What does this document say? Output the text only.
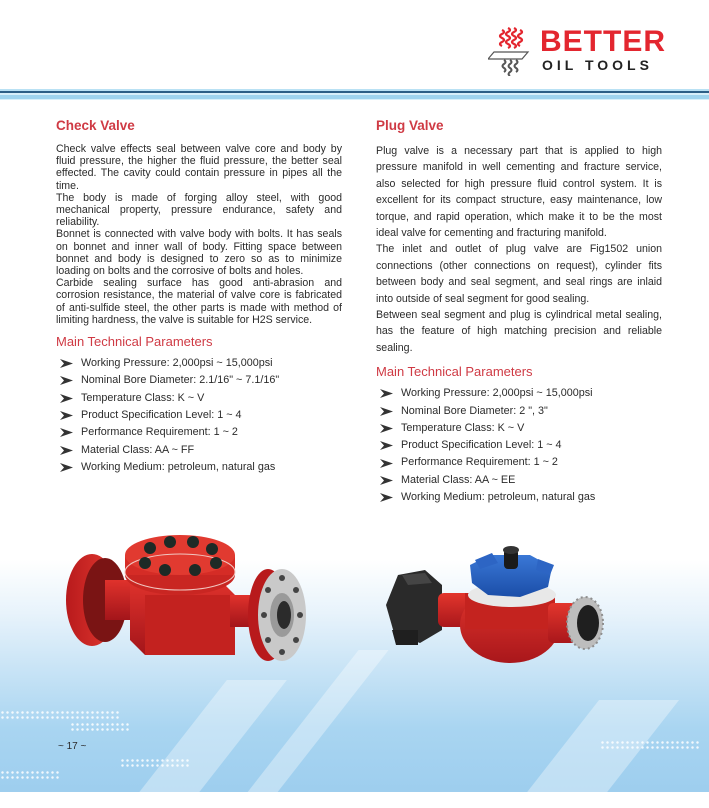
BETTER
OIL TOOLS
Check Valve

Check valve effects seal between valve core and body by fluid pressure, the higher the fluid pressure, the better seal effected. The cavity could contain pressure in pipes all the time.

The body is made of forging alloy steel, with good mechanical property, pressure endurance, safety and reliability.

Bonnet is connected with valve body with bolts. It has seals on bonnet and inner wall of body. Fitting space between bonnet and body is designed to zero so as to minimize loading on bolts and the corrosive of bolts and holes.

Carbide sealing surface has good anti-abrasion and corrosion resistance, the material of valve core is fabricated of anti-sulfide steel, the other parts is made with method of limiting hardness, the valve is suitable for H2S service.

Main Technical Parameters
Working Pressure: 2,000psi ~ 15,000psi
Nominal Bore Diameter: 2.1/16" ~ 7.1/16"
Temperature Class: K ~ V
Product Specification Level: 1 ~ 4
Performance Requirement: 1 ~ 2
Material Class: AA ~ FF
Working Medium: petroleum, natural gas
Plug Valve

Plug valve is a necessary part that is applied to high pressure manifold in well cementing and fracture service, also selected for high pressure fluid control system. It is excellent for its compact structure, easy maintenance, low torque, and rapid operation, which make it to be the most ideal valve for cementing and fracturing manifold.

The inlet and outlet of plug valve are Fig1502 union connections (other connections on request), cylinder fits between body and seal segment, and seal rings are inlaid into outside of seal segment for good sealing.

Between seal segment and plug is cylindrical metal sealing, has the feature of high matching precision and reliable sealing.

Main Technical Parameters
Working Pressure: 2,000psi ~ 15,000psi
Nominal Bore Diameter: 2 ", 3"
Temperature Class: K ~ V
Product Specification Level: 1 ~ 4
Performance Requirement: 1 ~ 2
Material Class: AA ~ EE
Working Medium: petroleum, natural gas
~ 17 ~
